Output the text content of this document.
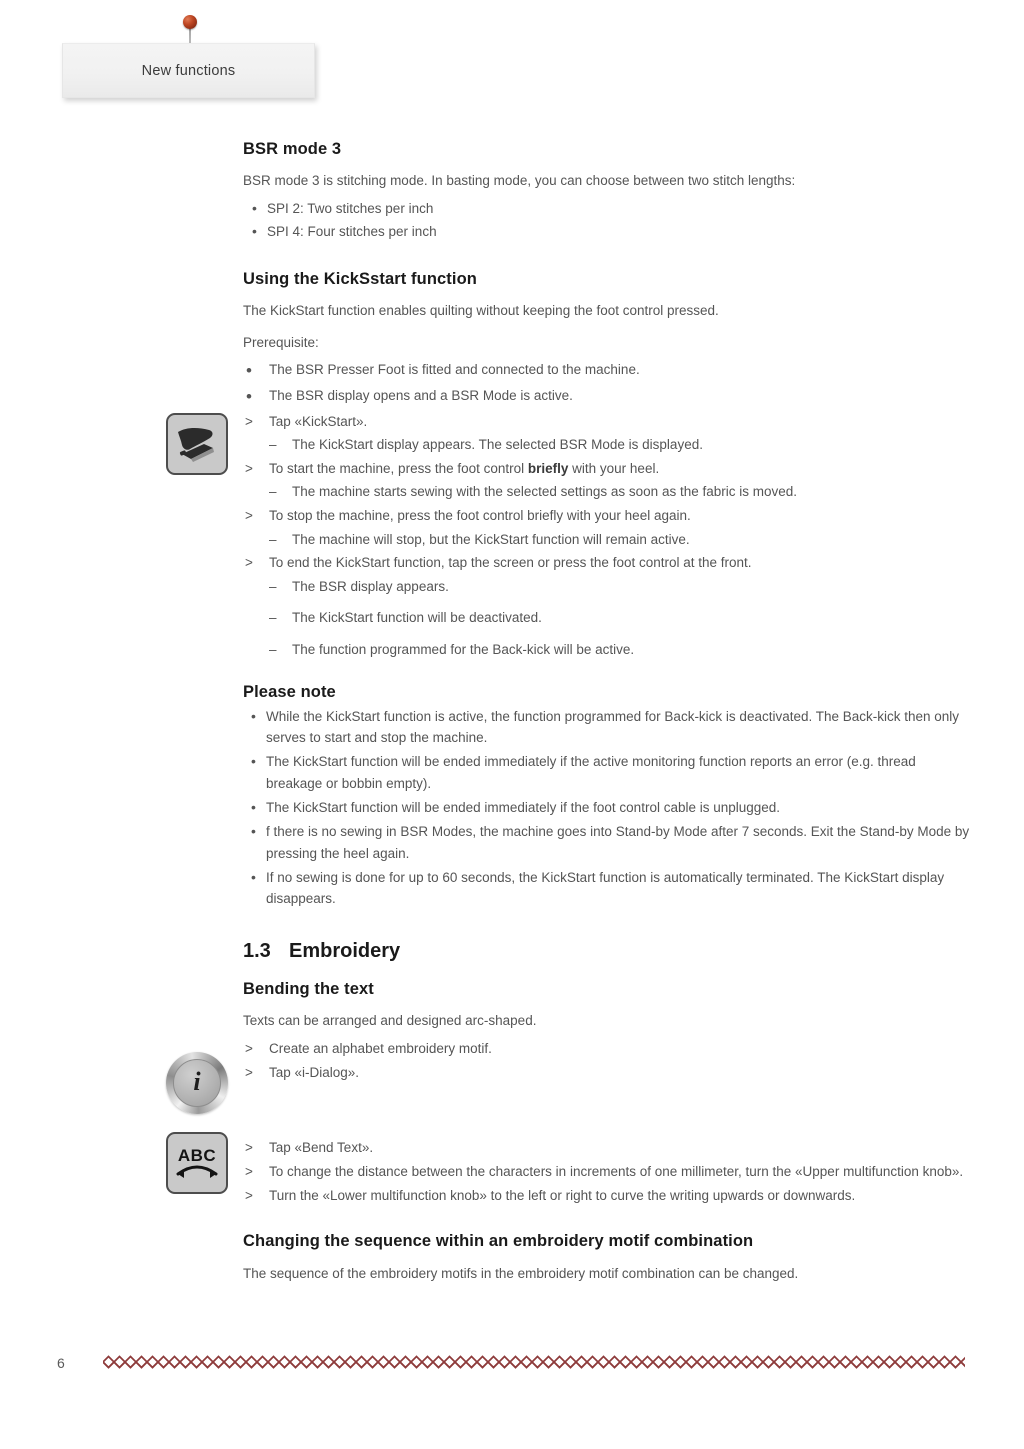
New functions
i
ABC
BSR mode 3

BSR mode 3 is stitching mode. In basting mode, you can choose between two stitch lengths:

• SPI 2: Two stitches per inch
• SPI 4: Four stitches per inch
Using the KickSstart function

The KickStart function enables quilting without keeping the foot control pressed.

Prerequisite:

• The BSR Presser Foot is fitted and connected to the machine.
• The BSR display opens and a BSR Mode is active.
> Tap «KickStart».
– The KickStart display appears. The selected BSR Mode is displayed.
> To start the machine, press the foot control briefly with your heel.
– The machine starts sewing with the selected settings as soon as the fabric is moved.
> To stop the machine, press the foot control briefly with your heel again.
– The machine will stop, but the KickStart function will remain active.
> To end the KickStart function, tap the screen or press the foot control at the front.
– The BSR display appears.
– The KickStart function will be deactivated.
– The function programmed for the Back-kick will be active.
Please note
• While the KickStart function is active, the function programmed for Back-kick is deactivated. The Back-kick then only serves to start and stop the machine.
• The KickStart function will be ended immediately if the active monitoring function reports an error (e.g. thread breakage or bobbin empty).
• The KickStart function will be ended immediately if the foot control cable is unplugged.
• f there is no sewing in BSR Modes, the machine goes into Stand-by Mode after 7 seconds. Exit the Stand-by Mode by pressing the heel again.
• If no sewing is done for up to 60 seconds, the KickStart function is automatically terminated. The KickStart display disappears.
1.3 Embroidery
Bending the text

Texts can be arranged and designed arc-shaped.

> Create an alphabet embroidery motif.
> Tap «i-Dialog».
> Tap «Bend Text».
> To change the distance between the characters in increments of one millimeter, turn the «Upper multifunction knob».
> Turn the «Lower multifunction knob» to the left or right to curve the writing upwards or downwards.
Changing the sequence within an embroidery motif combination

The sequence of the embroidery motifs in the embroidery motif combination can be changed.

6
